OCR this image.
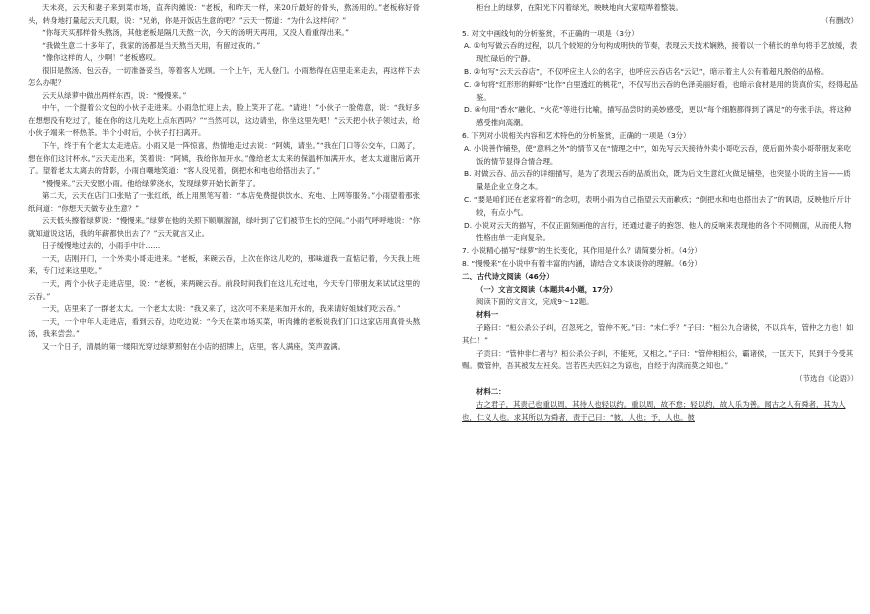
天未亮，云天和妻子来到菜市场，直奔肉摊说：“老板，和昨天一样，来20斤最好的骨头，熬汤用的。”老板称好骨头，转身地打量起云天几眼，说：“兄弟，你是开饭店生意的吧？”云天一愣道：“为什么这样问？”

“你每天买那样骨头熬汤，其他老板是隔几天熬一次，今天的汤明天再用，又没人看重得出来。”

“我做生意二十多年了，我家的汤都是当天熬当天用，有留过夜的。”

“像你这样的人，少啊！”老板感叹。

很旧是熬汤、包云吞，一切准备妥当，等着客人光顾。一个上午，无人登门。小雨愁得在店里走来走去，再这样下去怎么办呢？

云天从绿萝中做出两样东西，说：“慢慢来。”

中午，一个提着公文包的小伙子走进来。小雨急忙迎上去，脸上笑开了花。“请进！”小伙子一脸倦意，说：“我好多在想想没有吃过了，能在你的这儿先吃上点东西吗？”“当然可以，这边请坐，你坐这里先吧！”云天把小伙子领过去，给小伙子端来一杯热茶。半个小时后，小伙子打扫离开。

下午，终于有个老太太走进店。小雨又是一阵惊喜，热情地走过去说：“阿姨，请坐。”“我在门口等公交车，口渴了，想在你们这讨杯水。”云天走出来，笑着说：“阿姨，我给你加开水。”像给老太太来的保温杯加满开水，老太太道谢后离开了。望着老太太离去的背影，小雨自嘲地笑道：“客人没见着，倒把水和电也给搭出去了。”

“慢慢来。”云天安慰小雨。他给绿萝浇水，发现绿萝开始长新芽了。

第二天，云天在店门口张贴了一张红纸，纸上用黑笔写着：“本店免费提供饮水、充电、上网等服务。”小雨望着那张纸问道：“你想天天做专业生意？”

云天低头擦着绿萝说：“慢慢来。”绿萝在他的关照下顺顺溜溜，绿叶到了它们被节生长的空间。”小雨气呼呼地说：“你就知道说这话，我的年薪都快出去了？”云天就言又止。

日子缓慢地过去的，小雨手中计……

一天，店刚开门，一个外卖小哥走进来。“老板，来碗云吞，上次在你这儿吃的，那味道我一直惦记着，今天我上班来，专门过来这里吃。”

一天，两个小伙子走进店里，说：“老板，来两碗云吞。前段时间我们在这儿充过电，今天专门带朋友来试试这里的云吞。”

一天，店里来了一群老太太。一个老太太说：“我又来了，这次可不来是来加开水的，我来请好姐妹们吃云吞。”

一天，一个中年人走进店，看到云吞，边吃边说：“今天在菜市场买菜，听肉摊的老板说我们门口这家店用真骨头熬汤，我来尝尝。”

又一个日子，清晨的第一缕阳光穿过绿萝照射在小店的招牌上，店里，客人满座，笑声盈满。

柜台上的绿萝，在阳光下闪着绿光，映映地向大家喧哗着整装。

（有删改）
5. 对文中画线句的分析鉴赏，不正确的一项是（3分）
A. ①句写做云吞的过程，以几个较短的分句构成明快的节奏，表现云天技术娴熟，接着以一个稍长的单句将手艺放缓，表现忙碌后的宁静。
B. ②句写“云天云吞店”，不仅呼应主人公的名字，也呼应云吞店名“云记”，暗示着主人公有着超凡脱俗的品格。
C. ③句将“红形形的鲜虾”比作“白里透红的桃花”，不仅写出云吞的色泽美丽好看，也暗示食材是用的货真价实，经得起品鉴。
D. ④句用“香水”融化、“火花”等进行比喻，描写品尝时的美妙感受，更以“每个细胞都得到了满足”的夸张手法，将这种感受推向高潮。
6. 下列对小说相关内容和艺术特色的分析鉴赏，正确的一项是（3分）
A. 小说善作铺垫，使“意料之外”的情节又在“情理之中”，如先写云天接待外卖小哥吃云吞，使后面外卖小哥带朋友来吃饭的情节显得合情合理。
B. 对做云吞、品云吞的详细描写，是为了表现云吞的品质出众，既为后文生意红火做足铺垫，也突显小说的主旨——质量是企业立身之本。
C. “要是咱们还在老家将着”的念叨，表明小雨为自己指望云天而歉疚；“倒把水和电也搭出去了”的讽语，反映他斤斤计较，有点小气。
D. 小说对云天的描写，不仅正面刻画他的言行，还通过妻子的抱怨、他人的反响来表现他的各个不同侧面，从而使人物性格由单一走向复杂。
7. 小说精心描写“绿萝”的生长变化，其作用是什么？请简要分析。（4分）
8. “慢慢来”在小说中有着丰富的内涵，请结合文本谈谈你的理解。（6分）
二、古代诗文阅读（46分）
（一）文言文阅读（本题共4小题，17分）
阅读下面的文言文，完成9～12题。
材料一

子路曰：“桓公杀公子纠，召忽死之，管仲不死。”曰：“未仁乎？”子曰：“桓公九合诸侯，不以兵车，管仲之力也！如其仁！”

子贡曰：“管仲非仁者与？桓公杀公子纠，不能死，又相之。”子曰：“管仲相桓公，霸诸侯，一匡天下，民到于今受其赐。微管仲，吾其被发左衽矣。岂若匹夫匹妇之为谅也，自经于沟渎而莫之知也。”

（节选自《论语》）
材料二：

古之君子，其责己也重以周，其待人也轻以约。重以周，故不怠；轻以约，故人乐为善。闻古之人有舜者，其为人也，仁义人也。求其所以为舜者，责于己曰：“彼，人也；予，人也。彼
